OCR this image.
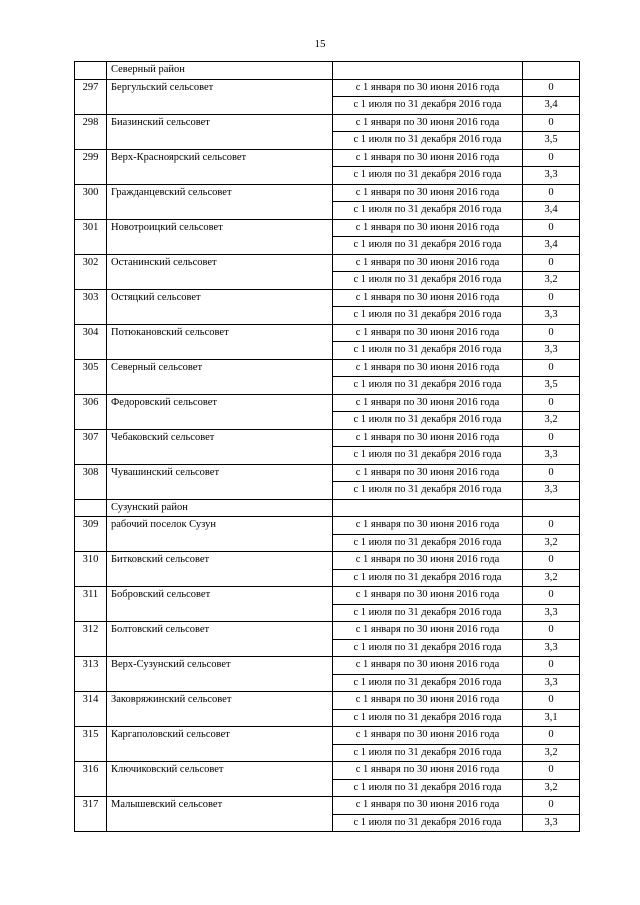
15
	Северный район		
297	Бергульский сельсовет	с 1 января по 30 июня 2016 года	0
		с 1 июля по 31 декабря 2016 года	3,4
298	Биазинский сельсовет	с 1 января по 30 июня 2016 года	0
		с 1 июля по 31 декабря 2016 года	3,5
299	Верх-Красноярский сельсовет	с 1 января по 30 июня 2016 года	0
		с 1 июля по 31 декабря 2016 года	3,3
300	Гражданцевский сельсовет	с 1 января по 30 июня 2016 года	0
		с 1 июля по 31 декабря 2016 года	3,4
301	Новотроицкий сельсовет	с 1 января по 30 июня 2016 года	0
		с 1 июля по 31 декабря 2016 года	3,4
302	Останинский сельсовет	с 1 января по 30 июня 2016 года	0
		с 1 июля по 31 декабря 2016 года	3,2
303	Остяцкий сельсовет	с 1 января по 30 июня 2016 года	0
		с 1 июля по 31 декабря 2016 года	3,3
304	Потюкановский сельсовет	с 1 января по 30 июня 2016 года	0
		с 1 июля по 31 декабря 2016 года	3,3
305	Северный сельсовет	с 1 января по 30 июня 2016 года	0
		с 1 июля по 31 декабря 2016 года	3,5
306	Федоровский сельсовет	с 1 января по 30 июня 2016 года	0
		с 1 июля по 31 декабря 2016 года	3,2
307	Чебаковский сельсовет	с 1 января по 30 июня 2016 года	0
		с 1 июля по 31 декабря 2016 года	3,3
308	Чувашинский сельсовет	с 1 января по 30 июня 2016 года	0
		с 1 июля по 31 декабря 2016 года	3,3
	Сузунский район		
309	рабочий поселок Сузун	с 1 января по 30 июня 2016 года	0
		с 1 июля по 31 декабря 2016 года	3,2
310	Битковский сельсовет	с 1 января по 30 июня 2016 года	0
		с 1 июля по 31 декабря 2016 года	3,2
311	Бобровский сельсовет	с 1 января по 30 июня 2016 года	0
		с 1 июля по 31 декабря 2016 года	3,3
312	Болтовский сельсовет	с 1 января по 30 июня 2016 года	0
		с 1 июля по 31 декабря 2016 года	3,3
313	Верх-Сузунский сельсовет	с 1 января по 30 июня 2016 года	0
		с 1 июля по 31 декабря 2016 года	3,3
314	Заковряжинский сельсовет	с 1 января по 30 июня 2016 года	0
		с 1 июля по 31 декабря 2016 года	3,1
315	Каргаполовский сельсовет	с 1 января по 30 июня 2016 года	0
		с 1 июля по 31 декабря 2016 года	3,2
316	Ключиковский сельсовет	с 1 января по 30 июня 2016 года	0
		с 1 июля по 31 декабря 2016 года	3,2
317	Малышевский сельсовет	с 1 января по 30 июня 2016 года	0
		с 1 июля по 31 декабря 2016 года	3,3
